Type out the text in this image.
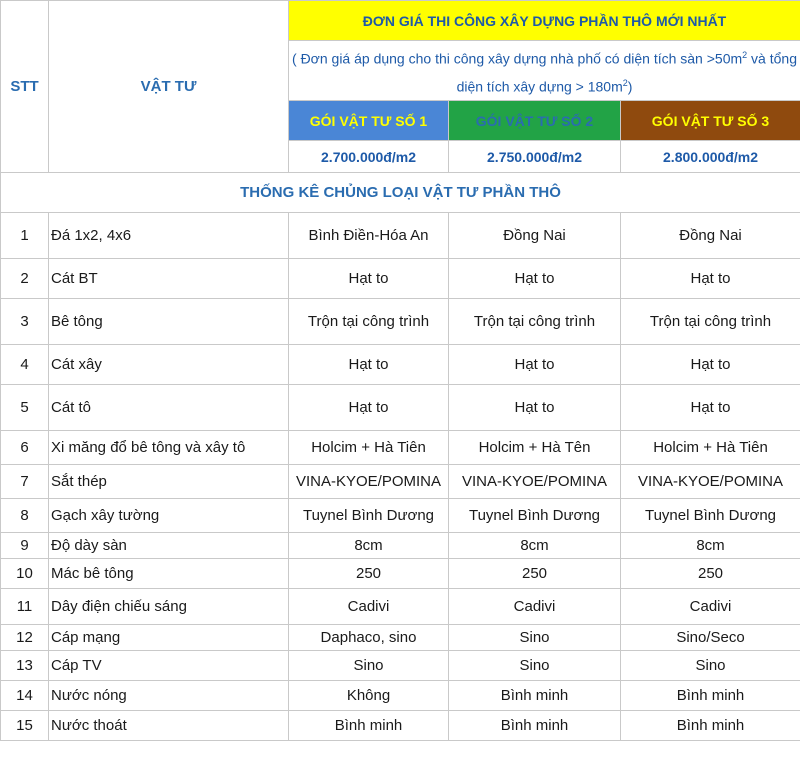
STT	VẬT TƯ	ĐƠN GIÁ THI CÔNG XÂY DỰNG PHẦN THÔ MỚI NHẤT		
		( Đơn giá áp dụng cho thi công xây dựng nhà phố có diện tích sàn $>50m^2$ và tổng diện tích xây dựng > $180m^2$)		
		GÓI VẬT TƯ SỐ 1	GÓI VẬT TƯ SỐ 2	GÓI VẬT TƯ SỐ 3
		2.700.000đ/m2	2.750.000đ/m2	2.800.000đ/m2
THỐNG KÊ CHỦNG LOẠI VẬT TƯ PHẦN THÔ				
1	Đá 1x2, 4x6	Bình Điền-Hóa An	Đồng Nai	Đồng Nai
2	Cát BT	Hạt to	Hạt to	Hạt to
3	Bê tông	Trộn tại công trình	Trộn tại công trình	Trộn tại công trình
4	Cát xây	Hạt to	Hạt to	Hạt to
5	Cát tô	Hạt to	Hạt to	Hạt to
6	Xi măng đổ bê tông và xây tô	Holcim + Hà Tiên	Holcim + Hà Tên	Holcim + Hà Tiên
7	Sắt thép	VINA-KYOE/POMINA	VINA-KYOE/POMINA	VINA-KYOE/POMINA
8	Gạch xây tường	Tuynel Bình Dương	Tuynel Bình Dương	Tuynel Bình Dương
9	Độ dày sàn	8cm	8cm	8cm
10	Mác bê tông	250	250	250
11	Dây điện chiếu sáng	Cadivi	Cadivi	Cadivi
12	Cáp mạng	Daphaco, sino	Sino	Sino/Seco
13	Cáp TV	Sino	Sino	Sino
14	Nước nóng	Không	Bình minh	Bình minh
15	Nước thoát	Bình minh	Bình minh	Bình minh
